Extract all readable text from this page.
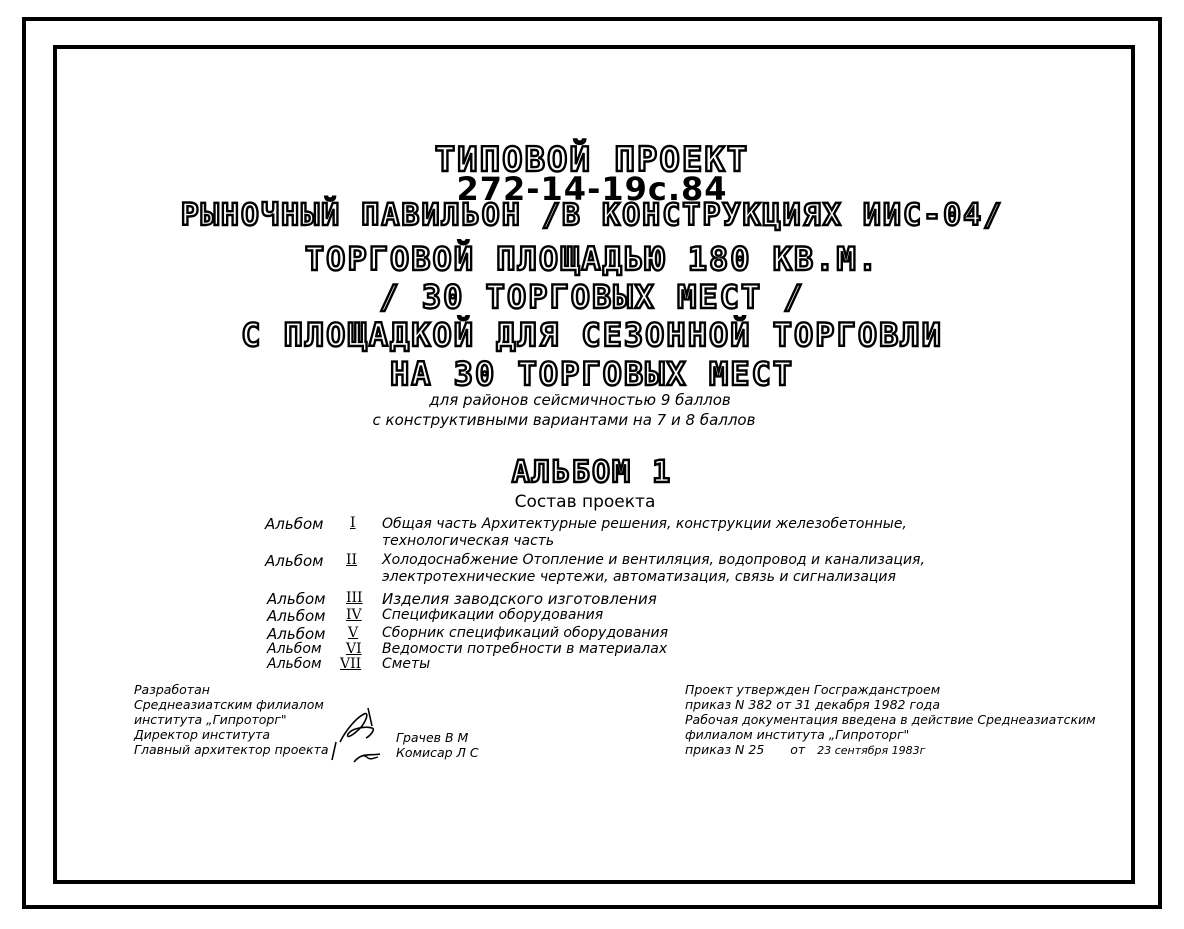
ТИПОВОЙ ПРОЕКТ
272-14-19с.84
РЫНОЧНЫЙ ПАВИЛЬОН /В КОНСТРУКЦИЯХ ИИС-04/
ТОРГОВОЙ ПЛОЩАДЬЮ 180 КВ.М.
/ 30 ТОРГОВЫХ МЕСТ /
С ПЛОЩАДКОЙ ДЛЯ СЕЗОННОЙ ТОРГОВЛИ
НА 30 ТОРГОВЫХ МЕСТ
для районов сейсмичностью 9 баллов
с конструктивными вариантами на 7 и 8 баллов
АЛЬБОМ 1
Состав проекта
Альбом I Общая часть Архитектурные решения, конструкции железобетонные,
технологическая часть
Альбом II Холодоснабжение Отопление и вентиляция, водопровод и канализация,
электротехнические чертежи, автоматизация, связь и сигнализация
Альбом III Изделия заводского изготовления
Альбом IV Спецификации оборудования
Альбом V Сборник спецификаций оборудования
Альбом VI Ведомости потребности в материалах
Альбом VII Сметы
Разработан
Среднеазиатским филиалом
института „Гипроторг"
Директор института
Главный архитектор проекта
Грачев В М
Комисар Л С
Проект утвержден Госгражданстроем
приказ N 382 от 31 декабря 1982 года
Рабочая документация введена в действие Среднеазиатским
филиалом института „Гипроторг"
приказ N 25 от 23 сентября 1983г
